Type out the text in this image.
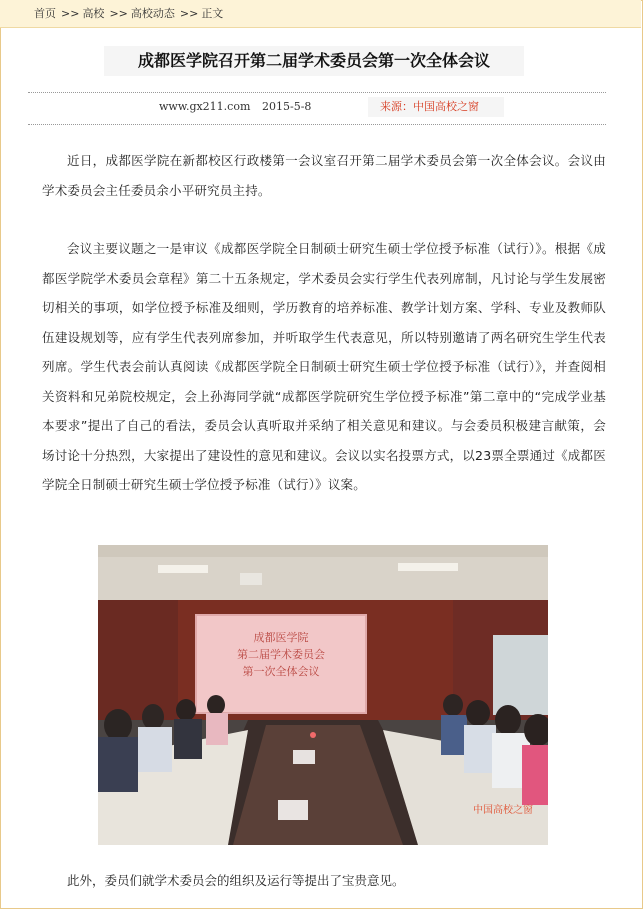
首页 >> 高校 >> 高校动态 >> 正文
成都医学院召开第二届学术委员会第一次全体会议
www.gx211.com 2015-5-8	来源：中国高校之窗
近日，成都医学院在新都校区行政楼第一会议室召开第二届学术委员会第一次全体会议。会议由学术委员会主任委员余小平研究员主持。
会议主要议题之一是审议《成都医学院全日制硕士研究生硕士学位授予标准（试行）》。根据《成都医学院学术委员会章程》第二十五条规定，学术委员会实行学生代表列席制，凡讨论与学生发展密切相关的事项，如学位授予标准及细则，学历教育的培养标准、教学计划方案、学科、专业及教师队伍建设规划等，应有学生代表列席参加，并听取学生代表意见，所以特别邀请了两名研究生学生代表列席。学生代表会前认真阅读《成都医学院全日制硕士研究生硕士学位授予标准（试行）》，并查阅相关资料和兄弟院校规定，会上孙海同学就“成都医学院研究生学位授予标准”第二章中的“完成学业基本要求”提出了自己的看法，委员会认真听取并采纳了相关意见和建议。与会委员积极建言献策，会场讨论十分热烈，大家提出了建设性的意见和建议。会议以实名投票方式，以23票全票通过《成都医学院全日制硕士研究生硕士学位授予标准（试行）》议案。
成都医学院
第二届学术委员会
第一次全体会议
中国高校之窗
此外，委员们就学术委员会的组织及运行等提出了宝贵意见。
